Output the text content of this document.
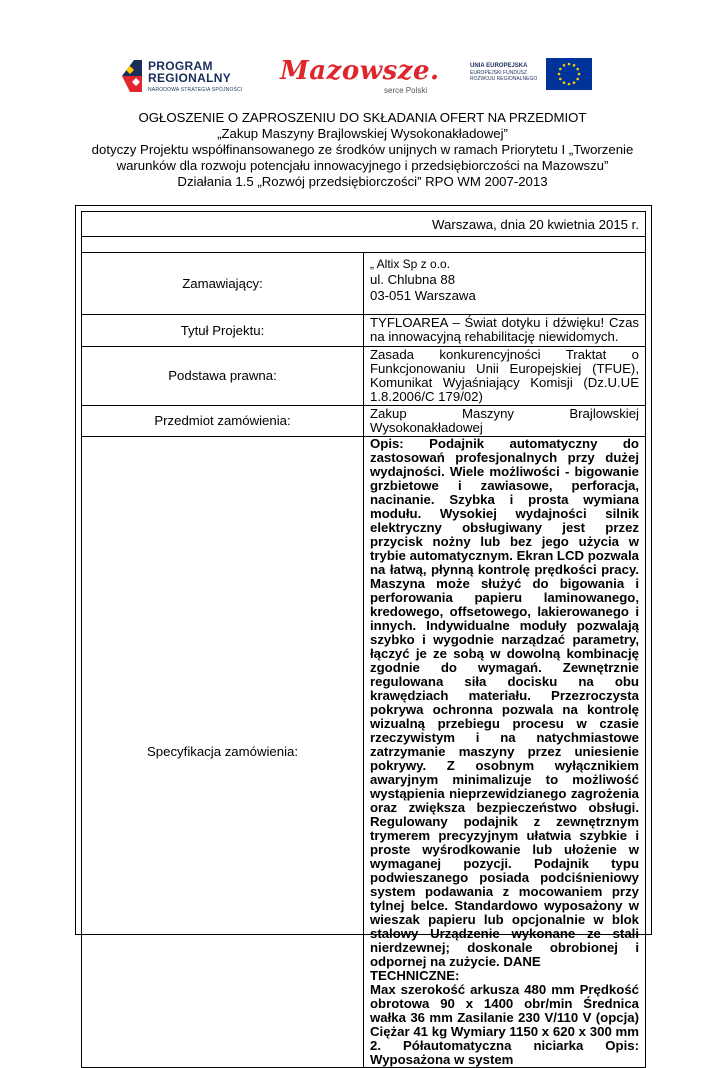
PROGRAM
REGIONALNY
NARODOWA STRATEGIA SPÓJNOŚCI
Mazowsze.
serce Polski
UNIA EUROPEJSKA
EUROPEJSKI FUNDUSZ
ROZWOJU REGIONALNEGO
OGŁOSZENIE O ZAPROSZENIU DO SKŁADANIA OFERT NA PRZEDMIOT
„Zakup Maszyny Brajlowskiej Wysokonakładowej”
dotyczy Projektu współfinansowanego ze środków unijnych w ramach Priorytetu I „Tworzenie
warunków dla rozwoju potencjału innowacyjnego i przedsiębiorczości na Mazowszu”
Działania 1.5 „Rozwój przedsiębiorczości” RPO WM 2007-2013
Warszawa, dnia 20 kwietnia 2015 r.	

Zamawiający:	„ Altix Sp z o.o.
ul. Chlubna 88
03-051 Warszawa

Tytuł Projektu:	TYFLOAREA – Świat dotyku i dźwięku! Czas na innowacyjną rehabilitację niewidomych.
Podstawa prawna:	Zasada konkurencyjności Traktat o Funkcjonowaniu Unii Europejskiej (TFUE), Komunikat Wyjaśniający Komisji (Dz.U.UE 1.8.2006/C 179/02)
Przedmiot zamówienia:	Zakup Maszyny Brajlowskiej Wysokonakładowej
Specyfikacja zamówienia:	Opis: Podajnik automatyczny do zastosowań profesjonalnych przy dużej wydajności. Wiele możliwości - bigowanie grzbietowe i zawiasowe, perforacja, nacinanie. Szybka i prosta wymiana modułu. Wysokiej wydajności silnik elektryczny obsługiwany jest przez przycisk nożny lub bez jego użycia w trybie automatycznym. Ekran LCD pozwala na łatwą, płynną kontrolę prędkości pracy. Maszyna może służyć do bigowania i perforowania papieru laminowanego, kredowego, offsetowego, lakierowanego i innych. Indywidualne moduły pozwalają szybko i wygodnie narządzać parametry, łączyć je ze sobą w dowolną kombinację zgodnie do wymagań. Zewnętrznie regulowana siła docisku na obu krawędziach materiału. Przezroczysta pokrywa ochronna pozwala na kontrolę wizualną przebiegu procesu w czasie rzeczywistym i na natychmiastowe zatrzymanie maszyny przez uniesienie pokrywy. Z osobnym wyłącznikiem awaryjnym minimalizuje to możliwość wystąpienia nieprzewidzianego zagrożenia oraz zwiększa bezpieczeństwo obsługi. Regulowany podajnik z zewnętrznym trymerem precyzyjnym ułatwia szybkie i proste wyśrodkowanie lub ułożenie w wymaganej pozycji. Podajnik typu podwieszanego posiada podciśnieniowy system podawania z mocowaniem przy tylnej belce. Standardowo wyposażony w wieszak papieru lub opcjonalnie w blok stalowy Urządzenie wykonane ze stali nierdzewnej; doskonale obrobionej i odpornej na zużycie. DANE
TECHNICZNE:
Max szerokość arkusza 480 mm Prędkość obrotowa 90 x 1400 obr/min Średnica wałka 36 mm Zasilanie 230 V/110 V (opcja) Ciężar 41 kg Wymiary 1150 x 620 x 300 mm 2. Półautomatyczna niciarka Opis: Wyposażona w system
